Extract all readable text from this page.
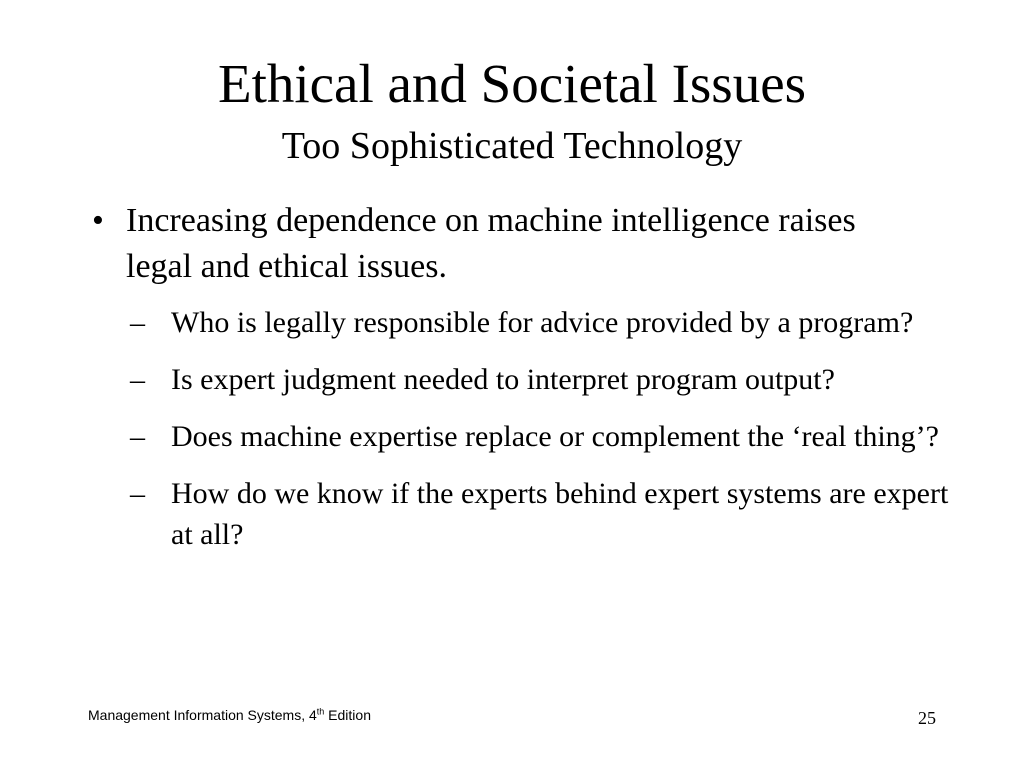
Ethical and Societal Issues
Too Sophisticated Technology
• Increasing dependence on machine intelligence raises legal and ethical issues.
– Who is legally responsible for advice provided by a program?
– Is expert judgment needed to interpret program output?
– Does machine expertise replace or complement the ‘real thing’?
– How do we know if the experts behind expert systems are expert at all?
Management Information Systems, 4th Edition	25
